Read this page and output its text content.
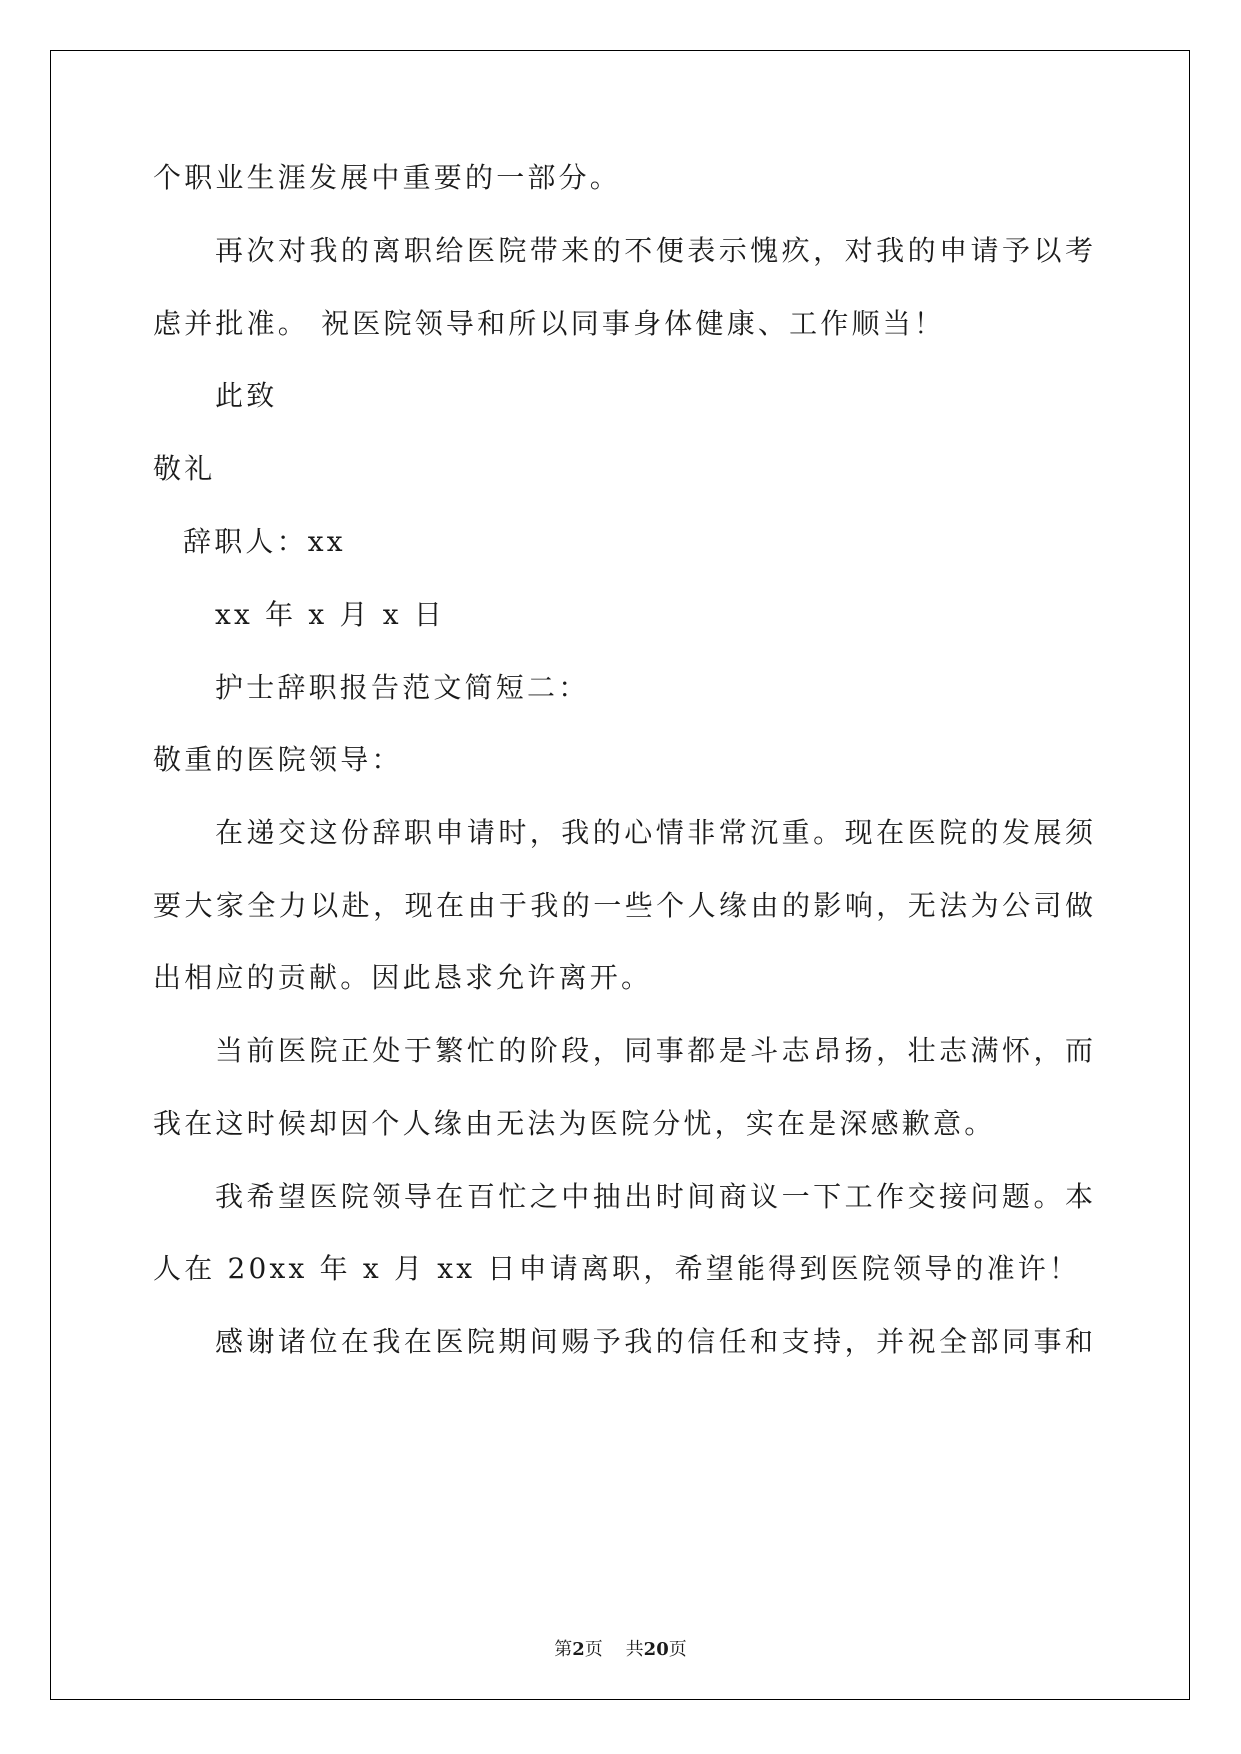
个职业生涯发展中重要的一部分。
再次对我的离职给医院带来的不便表示愧疚，对我的申请予以考
虑并批准。 祝医院领导和所以同事身体健康、工作顺当！
此致
敬礼
辞职人：xx
xx 年 x 月 x 日
护士辞职报告范文简短二：
敬重的医院领导：
在递交这份辞职申请时，我的心情非常沉重。现在医院的发展须
要大家全力以赴，现在由于我的一些个人缘由的影响，无法为公司做
出相应的贡献。因此恳求允许离开。
当前医院正处于繁忙的阶段，同事都是斗志昂扬，壮志满怀，而
我在这时候却因个人缘由无法为医院分忧，实在是深感歉意。
我希望医院领导在百忙之中抽出时间商议一下工作交接问题。本
人在 20xx 年 x 月 xx 日申请离职，希望能得到医院领导的准许！
感谢诸位在我在医院期间赐予我的信任和支持，并祝全部同事和
第2页 共20页
